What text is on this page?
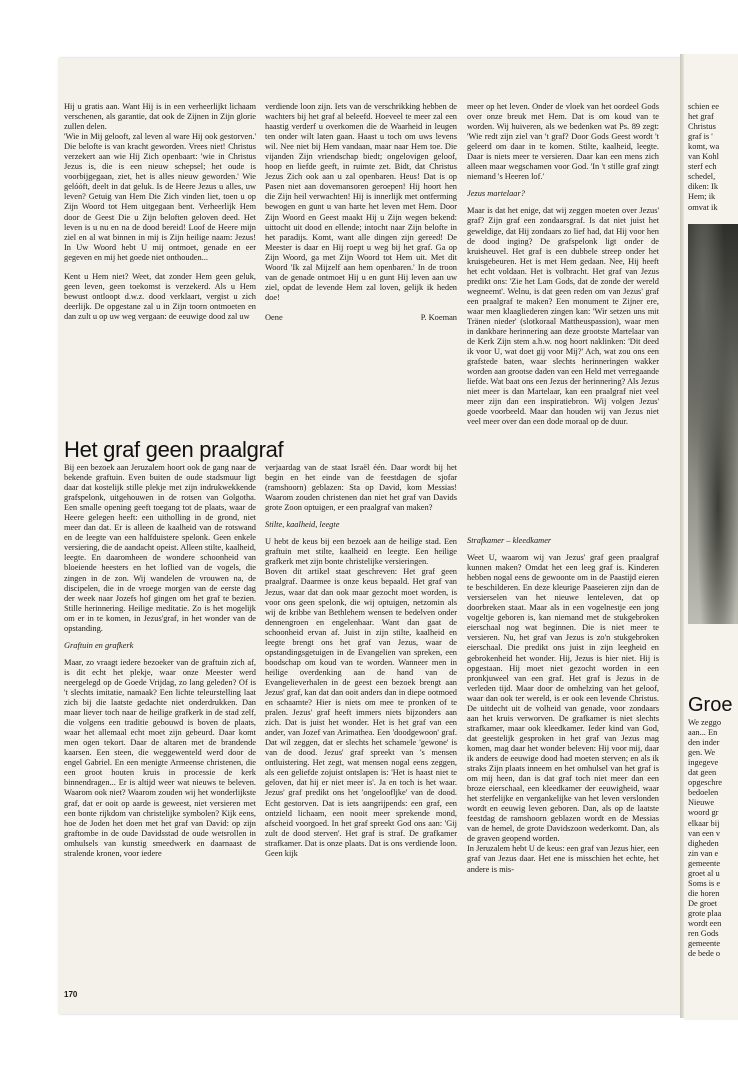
Hij u gratis aan. Want Hij is in een verheerlijkt lichaam verschenen, als garantie, dat ook de Zijnen in Zijn glorie zullen delen.

'Wie in Mij gelooft, zal leven al ware Hij ook gestorven.' Die belofte is van kracht geworden. Vrees niet! Christus verzekert aan wie Hij Zich openbaart: 'wie in Christus Jezus is, die is een nieuw schepsel; het oude is voorbijgegaan, ziet, het is alles nieuw geworden.' Wie gelóóft, deelt in dat geluk. Is de Heere Jezus u alles, uw leven? Getuig van Hem Die Zich vinden liet, toen u op Zijn Woord tot Hem uitgegaan bent. Verheerlijk Hem door de Geest Die u Zijn beloften geloven deed. Het leven is u nu en na de dood bereid! Loof de Heere mijn ziel en al wat binnen in mij is Zijn heilige naam: Jezus! In Uw Woord hebt U mij ontmoet, genade en eer gegeven en mij het goede niet onthouden...

Kent u Hem niet? Weet, dat zonder Hem geen geluk, geen leven, geen toekomst is verzekerd. Als u Hem bewust ontloopt d.w.z. dood verklaart, vergist u zich deerlijk. De opgestane zal u in Zijn toorn ontmoeten en dan zult u op uw weg vergaan: de eeuwige dood zal uw

verdiende loon zijn. Iets van de verschrikking hebben de wachters bij het graf al beleefd. Hoeveel te meer zal een haastig verderf u overkomen die de Waarheid in leugen ten onder wilt laten gaan. Haast u toch om uws levens wil. Nee niet bij Hem vandaan, maar naar Hem toe. Die vijanden Zijn vriendschap biedt; ongelovigen geloof, hoop en liefde geeft, in ruimte zet. Bidt, dat Christus Jezus Zich ook aan u zal openbaren. Heus! Dat is op Pasen niet aan dovemansoren geroepen! Hij hoort hen die Zijn heil verwachten! Hij is innerlijk met ontferming bewogen en gunt u van harte het leven met Hem. Door Zijn Woord en Geest maakt Hij u Zijn wegen bekend: uittocht uit dood en ellende; intocht naar Zijn belofte in het paradijs. Komt, want alle dingen zijn gereed! De Meester is daar en Hij roept u weg bij het graf. Ga op Zijn Woord, ga met Zijn Woord tot Hem uit. Met dit Woord 'Ik zal Mijzelf aan hem openbaren.' In de troon van de genade ontmoet Hij u en gunt Hij leven aan uw ziel, opdat de levende Hem zal loven, gelijk ik heden doe!

Oene	P. Koeman

meer op het leven. Onder de vloek van het oordeel Gods over onze breuk met Hem. Dat is om koud van te worden. Wij huiveren, als we bedenken wat Ps. 89 zegt: 'Wie redt zijn ziel van 't graf? Door Gods Geest wordt 't geleerd om daar in te komen. Stilte, kaalheid, leegte. Daar is niets meer te versieren. Daar kan een mens zich alleen maar wegschamen voor God. 'In 't stille graf zingt niemand 's Heeren lof.'

Jezus martelaar?

Maar is dat het enige, dat wij zeggen moeten over Jezus' graf? Zijn graf een zondaarsgraf. Is dat niet juist het geweldige, dat Hij zondaars zo lief had, dat Hij voor hen de dood inging? De grafspelonk ligt onder de kruisheuvel. Het graf is een dubbele streep onder het kruisgebeuren. Het is met Hem gedaan. Nee, Hij heeft het echt voldaan. Het is volbracht. Het graf van Jezus predikt ons: 'Zie het Lam Gods, dat de zonde der wereld wegneemt'. Welnu, is dat geen reden om van Jezus' graf een praalgraf te maken? Een monument te Zijner ere, waar men klaagliederen zingen kan: 'Wir setzen uns mit Tränen nieder' (slotkoraal Mattheuspassion), waar men in dankbare herinnering aan deze grootste Martelaar van de Kerk Zijn stem a.h.w. nog hoort naklinken: 'Dit deed ik voor U, wat doet gij voor Mij?' Ach, wat zou ons een grafstede baten, waar slechts herinneringen wakker worden aan grootse daden van een Held met verregaande liefde. Wat baat ons een Jezus der herinnering? Als Jezus niet meer is dan Martelaar, kan een praalgraf niet veel meer zijn dan een inspiratiebron. Wij volgen Jezus' goede voorbeeld. Maar dan houden wij van Jezus niet veel meer over dan een dode moraal op de duur.

Het graf geen praalgraf

Bij een bezoek aan Jeruzalem hoort ook de gang naar de bekende graftuin. Even buiten de oude stadsmuur ligt daar dat kostelijk stille plekje met zijn indrukwekkende grafspelonk, uitgehouwen in de rotsen van Golgotha. Een smalle opening geeft toegang tot de plaats, waar de Heere gelegen heeft: een uitholling in de grond, niet meer dan dat. Er is alleen de kaalheid van de rotswand en de leegte van een halfduistere spelonk. Geen enkele versiering, die de aandacht opeist. Alleen stilte, kaalheid, leegte. En daaromheen de wondere schoonheid van bloeiende heesters en het loflied van de vogels, die zingen in de zon. Wij wandelen de vrouwen na, de discipelen, die in de vroege morgen van de eerste dag der week naar Jozefs hof gingen om het graf te bezien. Stille herinnering. Heilige meditatie. Zo is het mogelijk om er in te komen, in Jezus'graf, in het wonder van de opstanding.

Graftuin en grafkerk

Maar, zo vraagt iedere bezoeker van de graftuin zich af, is dit echt het plekje, waar onze Meester werd neergelegd op de Goede Vrijdag, zo lang geleden? Of is 't slechts imitatie, namaak? Een lichte teleurstelling laat zich bij die laatste gedachte niet onderdrukken. Dan maar liever toch naar de heilige grafkerk in de stad zelf, die volgens een traditie gebouwd is boven de plaats, waar het allemaal echt moet zijn gebeurd. Daar komt men ogen tekort. Daar de altaren met de brandende kaarsen. Een steen, die weggewenteld werd door de engel Gabriel. En een menigte Armeense christenen, die een groot houten kruis in processie de kerk binnendragen... Er is altijd weer wat nieuws te beleven. Waarom ook niet? Waarom zouden wij het wonderlijkste graf, dat er ooit op aarde is geweest, niet versieren met een bonte rijkdom van christelijke symbolen? Kijk eens, hoe de Joden het doen met het graf van David: op zijn graftombe in de oude Davidsstad de oude wetsrollen in omhulsels van kunstig smeedwerk en daarnaast de stralende kronen, voor iedere

verjaardag van de staat Israël één. Daar wordt bij het begin en het einde van de feestdagen de sjofar (ramshoorn) geblazen: Sta op David, kom Messias! Waarom zouden christenen dan niet het graf van Davids grote Zoon optuigen, er een praalgraf van maken?

Stilte, kaalheid, leegte

U hebt de keus bij een bezoek aan de heilige stad. Een graftuin met stilte, kaalheid en leegte. Een heilige grafkerk met zijn bonte christelijke versieringen.

Boven dit artikel staat geschreven: Het graf geen praalgraf. Daarmee is onze keus bepaald. Het graf van Jezus, waar dat dan ook maar gezocht moet worden, is voor ons geen spelonk, die wij optuigen, netzomin als wij de kribbe van Bethlehem wensen te bedelven onder dennengroen en engelenhaar. Want dan gaat de schoonheid ervan af. Juist in zijn stilte, kaalheid en leegte brengt ons het graf van Jezus, waar de opstandingsgetuigen in de Evangelien van spreken, een boodschap om koud van te worden. Wanneer men in heilige overdenking aan de hand van de Evangelieverhalen in de geest een bezoek brengt aan Jezus' graf, kan dat dan ooit anders dan in diepe ootmoed en schaamte? Hier is niets om mee te pronken of te pralen. Jezus' graf heeft immers niets bijzonders aan zich. Dat is juist het wonder. Het is het graf van een ander, van Jozef van Arimathea. Een 'doodgewoon' graf. Dat wil zeggen, dat er slechts het schamele 'gewone' is van de dood. Jezus' graf spreekt van 's mensen ontluistering. Het zegt, wat mensen nogal eens zeggen, als een geliefde zojuist ontslapen is: 'Het is haast niet te geloven, dat hij er niet meer is'. Ja en toch is het waar. Jezus' graf predikt ons het 'ongeloofljke' van de dood. Echt gestorven. Dat is iets aangrijpends: een graf, een ontzield lichaam, een nooit meer sprekende mond, afscheid voorgoed. In het graf spreekt God ons aan: 'Gij zult de dood sterven'. Het graf is straf. De grafkamer strafkamer. Dat is onze plaats. Dat is ons verdiende loon. Geen kijk

Strafkamer – kleedkamer

Weet U, waarom wij van Jezus' graf geen praalgraf kunnen maken? Omdat het een leeg graf is. Kinderen hebben nogal eens de gewoonte om in de Paastijd eieren te beschilderen. En deze kleurige Paaseieren zijn dan de versierselen van het nieuwe lenteleven, dat op doorbreken staat. Maar als in een vogelnestje een jong vogeltje geboren is, kan niemand met de stukgebroken eierschaal nog wat beginnen. Die is niet meer te versieren. Nu, het graf van Jezus is zo'n stukgebroken eierschaal. Die predikt ons juist in zijn leegheid en gebrokenheid het wonder. Hij, Jezus is hier niet. Hij is opgestaan. Hij moet niet gezocht worden in een pronkjuweel van een graf. Het graf is Jezus in de verleden tijd. Maar door de omhelzing van het geloof, waar dan ook ter wereld, is er ook een levende Christus. De uitdecht uit de volheid van genade, voor zondaars aan het kruis verworven. De grafkamer is niet slechts strafkamer, maar ook kleedkamer. Ieder kind van God, dat geestelijk gesproken in het graf van Jezus mag komen, mag daar het wonder beleven: Hij voor mij, daar ik anders de eeuwige dood had moeten sterven; en als ik straks Zijn plaats inneem en het omhulsel van het graf is om mij heen, dan is dat graf toch niet meer dan een broze eierschaal, een kleedkamer der eeuwigheid, waar het sterfelijke en vergankelijke van het leven verslonden wordt en eeuwig leven geboren. Dan, als op de laatste feestdag de ramshoorn geblazen wordt en de Messias van de hemel, de grote Davidszoon wederkomt. Dan, als de graven geopend worden.

In Jeruzalem hebt U de keus: een graf van Jezus hier, een graf van Jezus daar. Het ene is misschien het echte, het andere is mis-

170
schien ee
het graf
Christus
graf is '
komt, wa
van Kohl
sterf ech
schedel,
diken: Ik
Hem; ik
omvat ik
Groe
We zeggo
aan... En
den inder
gen. We
ingegeve
dat geen
opgeschre
bedoelen
Nieuwe
woord gr
elkaar bij
van een v
digheden
zin van e
gemeente
groet al u
Soms is e
die horen
De groet
grote plaa
wordt een
ren Gods
gemeente
de bede o
